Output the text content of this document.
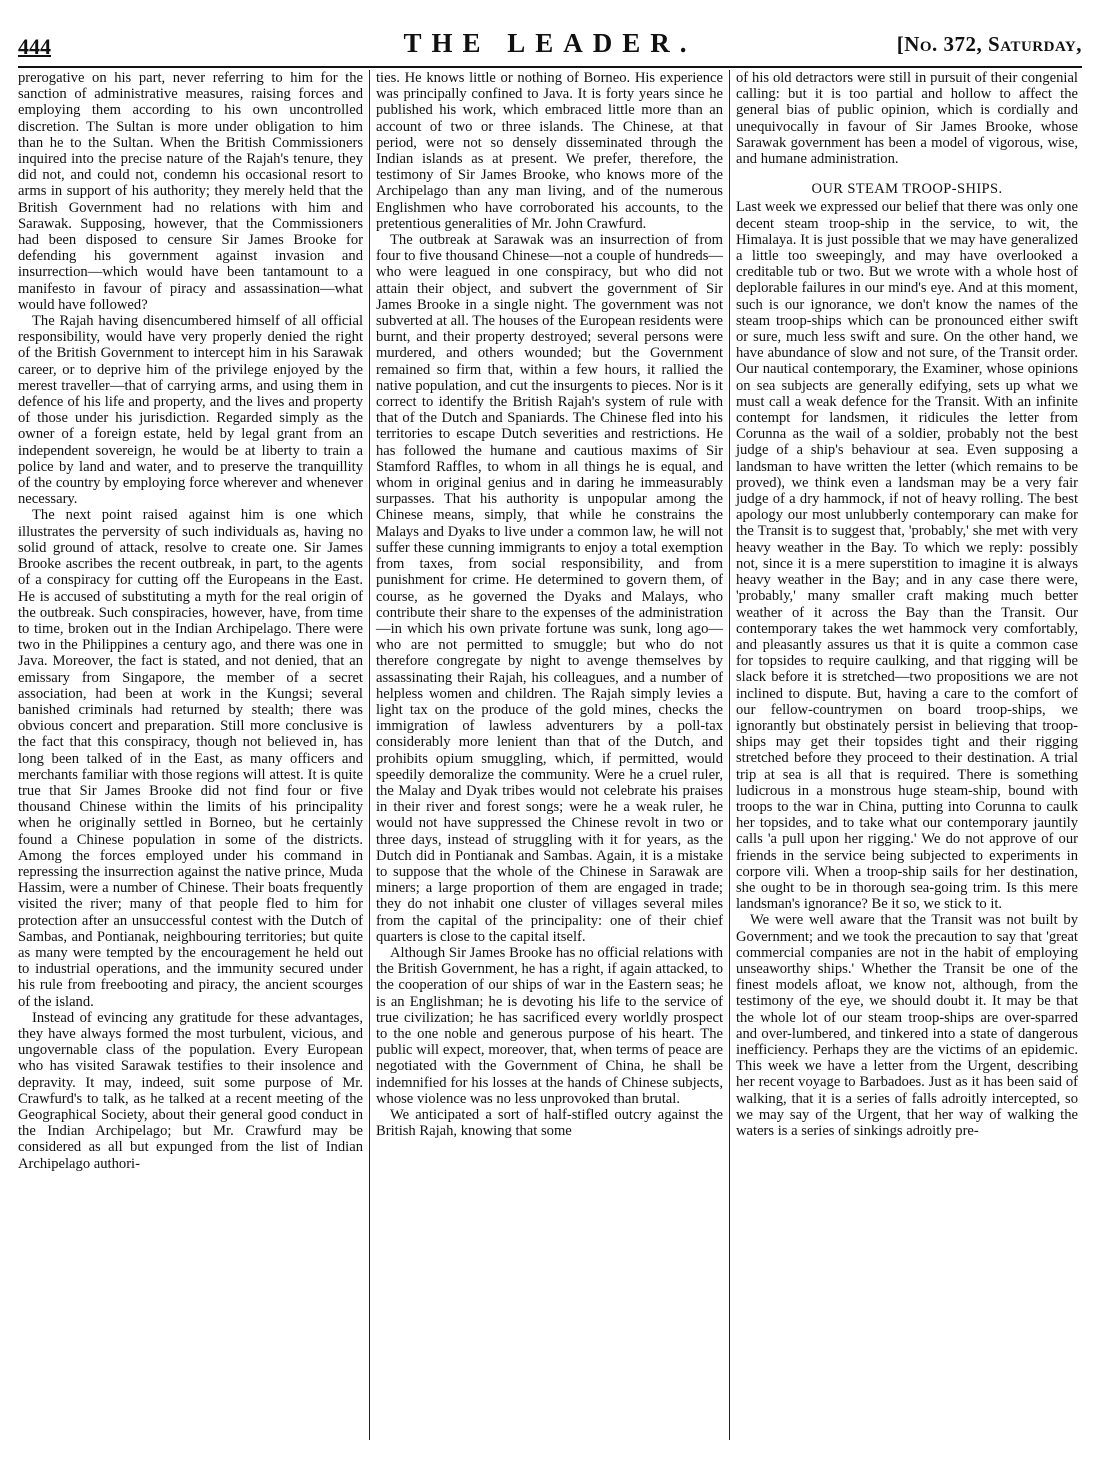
444	THE LEADER.	[No. 372, Saturday,

prerogative on his part, never referring to him for the sanction of administrative measures, raising forces and employing them according to his own uncontrolled discretion. The Sultan is more under obligation to him than he to the Sultan. When the British Commissioners inquired into the precise nature of the Rajah's tenure, they did not, and could not, condemn his occasional resort to arms in support of his authority; they merely held that the British Government had no relations with him and Sarawak. Supposing, however, that the Commissioners had been disposed to censure Sir James Brooke for defending his government against invasion and insurrection—which would have been tantamount to a manifesto in favour of piracy and assassination—what would have followed?

The Rajah having disencumbered himself of all official responsibility, would have very properly denied the right of the British Government to intercept him in his Sarawak career, or to deprive him of the privilege enjoyed by the merest traveller—that of carrying arms, and using them in defence of his life and property, and the lives and property of those under his jurisdiction. Regarded simply as the owner of a foreign estate, held by legal grant from an independent sovereign, he would be at liberty to train a police by land and water, and to preserve the tranquillity of the country by employing force wherever and whenever necessary.

The next point raised against him is one which illustrates the perversity of such individuals as, having no solid ground of attack, resolve to create one. Sir James Brooke ascribes the recent outbreak, in part, to the agents of a conspiracy for cutting off the Europeans in the East. He is accused of substituting a myth for the real origin of the outbreak. Such conspiracies, however, have, from time to time, broken out in the Indian Archipelago. There were two in the Philippines a century ago, and there was one in Java. Moreover, the fact is stated, and not denied, that an emissary from Singapore, the member of a secret association, had been at work in the Kungsi; several banished criminals had returned by stealth; there was obvious concert and preparation. Still more conclusive is the fact that this conspiracy, though not believed in, has long been talked of in the East, as many officers and merchants familiar with those regions will attest. It is quite true that Sir James Brooke did not find four or five thousand Chinese within the limits of his principality when he originally settled in Borneo, but he certainly found a Chinese population in some of the districts. Among the forces employed under his command in repressing the insurrection against the native prince, Muda Hassim, were a number of Chinese. Their boats frequently visited the river; many of that people fled to him for protection after an unsuccessful contest with the Dutch of Sambas, and Pontianak, neighbouring territories; but quite as many were tempted by the encouragement he held out to industrial operations, and the immunity secured under his rule from freebooting and piracy, the ancient scourges of the island.

Instead of evincing any gratitude for these advantages, they have always formed the most turbulent, vicious, and ungovernable class of the population. Every European who has visited Sarawak testifies to their insolence and depravity. It may, indeed, suit some purpose of Mr. Crawfurd's to talk, as he talked at a recent meeting of the Geographical Society, about their general good conduct in the Indian Archipelago; but Mr. Crawfurd may be considered as all but expunged from the list of Indian Archipelago authori-

ties. He knows little or nothing of Borneo. His experience was principally confined to Java. It is forty years since he published his work, which embraced little more than an account of two or three islands. The Chinese, at that period, were not so densely disseminated through the Indian islands as at present. We prefer, therefore, the testimony of Sir James Brooke, who knows more of the Archipelago than any man living, and of the numerous Englishmen who have corroborated his accounts, to the pretentious generalities of Mr. John Crawfurd.

The outbreak at Sarawak was an insurrection of from four to five thousand Chinese—not a couple of hundreds—who were leagued in one conspiracy, but who did not attain their object, and subvert the government of Sir James Brooke in a single night. The government was not subverted at all. The houses of the European residents were burnt, and their property destroyed; several persons were murdered, and others wounded; but the Government remained so firm that, within a few hours, it rallied the native population, and cut the insurgents to pieces. Nor is it correct to identify the British Rajah's system of rule with that of the Dutch and Spaniards. The Chinese fled into his territories to escape Dutch severities and restrictions. He has followed the humane and cautious maxims of Sir Stamford Raffles, to whom in all things he is equal, and whom in original genius and in daring he immeasurably surpasses. That his authority is unpopular among the Chinese means, simply, that while he constrains the Malays and Dyaks to live under a common law, he will not suffer these cunning immigrants to enjoy a total exemption from taxes, from social responsibility, and from punishment for crime. He determined to govern them, of course, as he governed the Dyaks and Malays, who contribute their share to the expenses of the administration—in which his own private fortune was sunk, long ago—who are not permitted to smuggle; but who do not therefore congregate by night to avenge themselves by assassinating their Rajah, his colleagues, and a number of helpless women and children. The Rajah simply levies a light tax on the produce of the gold mines, checks the immigration of lawless adventurers by a poll-tax considerably more lenient than that of the Dutch, and prohibits opium smuggling, which, if permitted, would speedily demoralize the community. Were he a cruel ruler, the Malay and Dyak tribes would not celebrate his praises in their river and forest songs; were he a weak ruler, he would not have suppressed the Chinese revolt in two or three days, instead of struggling with it for years, as the Dutch did in Pontianak and Sambas. Again, it is a mistake to suppose that the whole of the Chinese in Sarawak are miners; a large proportion of them are engaged in trade; they do not inhabit one cluster of villages several miles from the capital of the principality: one of their chief quarters is close to the capital itself.

Although Sir James Brooke has no official relations with the British Government, he has a right, if again attacked, to the cooperation of our ships of war in the Eastern seas; he is an Englishman; he is devoting his life to the service of true civilization; he has sacrificed every worldly prospect to the one noble and generous purpose of his heart. The public will expect, moreover, that, when terms of peace are negotiated with the Government of China, he shall be indemnified for his losses at the hands of Chinese subjects, whose violence was no less unprovoked than brutal.

We anticipated a sort of half-stifled outcry against the British Rajah, knowing that some

of his old detractors were still in pursuit of their congenial calling: but it is too partial and hollow to affect the general bias of public opinion, which is cordially and unequivocally in favour of Sir James Brooke, whose Sarawak government has been a model of vigorous, wise, and humane administration.

OUR STEAM TROOP-SHIPS.

Last week we expressed our belief that there was only one decent steam troop-ship in the service, to wit, the Himalaya. It is just possible that we may have generalized a little too sweepingly, and may have overlooked a creditable tub or two. But we wrote with a whole host of deplorable failures in our mind's eye. And at this moment, such is our ignorance, we don't know the names of the steam troop-ships which can be pronounced either swift or sure, much less swift and sure. On the other hand, we have abundance of slow and not sure, of the Transit order. Our nautical contemporary, the Examiner, whose opinions on sea subjects are generally edifying, sets up what we must call a weak defence for the Transit. With an infinite contempt for landsmen, it ridicules the letter from Corunna as the wail of a soldier, probably not the best judge of a ship's behaviour at sea. Even supposing a landsman to have written the letter (which remains to be proved), we think even a landsman may be a very fair judge of a dry hammock, if not of heavy rolling. The best apology our most unlubberly contemporary can make for the Transit is to suggest that, 'probably,' she met with very heavy weather in the Bay. To which we reply: possibly not, since it is a mere superstition to imagine it is always heavy weather in the Bay; and in any case there were, 'probably,' many smaller craft making much better weather of it across the Bay than the Transit. Our contemporary takes the wet hammock very comfortably, and pleasantly assures us that it is quite a common case for topsides to require caulking, and that rigging will be slack before it is stretched—two propositions we are not inclined to dispute. But, having a care to the comfort of our fellow-countrymen on board troop-ships, we ignorantly but obstinately persist in believing that troop-ships may get their topsides tight and their rigging stretched before they proceed to their destination. A trial trip at sea is all that is required. There is something ludicrous in a monstrous huge steam-ship, bound with troops to the war in China, putting into Corunna to caulk her topsides, and to take what our contemporary jauntily calls 'a pull upon her rigging.' We do not approve of our friends in the service being subjected to experiments in corpore vili. When a troop-ship sails for her destination, she ought to be in thorough sea-going trim. Is this mere landsman's ignorance? Be it so, we stick to it.

We were well aware that the Transit was not built by Government; and we took the precaution to say that 'great commercial companies are not in the habit of employing unseaworthy ships.' Whether the Transit be one of the finest models afloat, we know not, although, from the testimony of the eye, we should doubt it. It may be that the whole lot of our steam troop-ships are over-sparred and over-lumbered, and tinkered into a state of dangerous inefficiency. Perhaps they are the victims of an epidemic. This week we have a letter from the Urgent, describing her recent voyage to Barbadoes. Just as it has been said of walking, that it is a series of falls adroitly intercepted, so we may say of the Urgent, that her way of walking the waters is a series of sinkings adroitly pre-
